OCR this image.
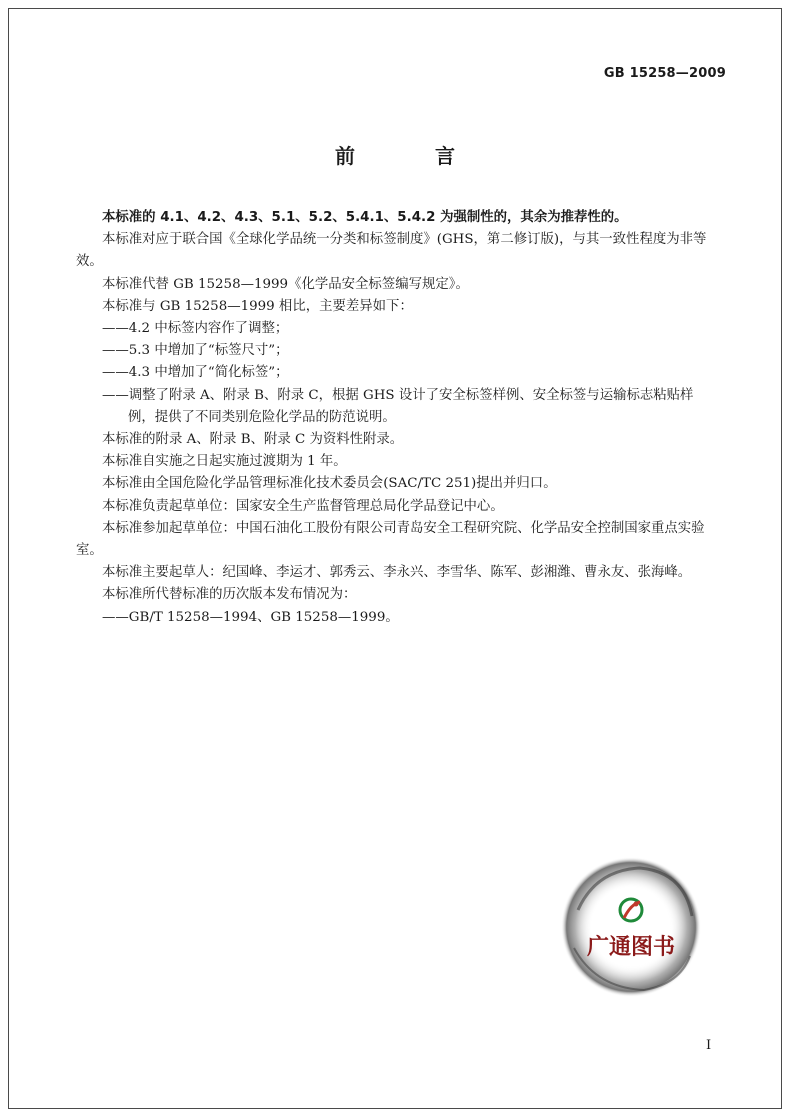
GB 15258—2009
前　言
本标准的 4.1、4.2、4.3、5.1、5.2、5.4.1、5.4.2 为强制性的，其余为推荐性的。
本标准对应于联合国《全球化学品统一分类和标签制度》(GHS，第二修订版)，与其一致性程度为非等效。
本标准代替 GB 15258—1999《化学品安全标签编写规定》。
本标准与 GB 15258—1999 相比，主要差异如下：
——4.2 中标签内容作了调整；
——5.3 中增加了“标签尺寸”；
——4.3 中增加了“简化标签”；
——调整了附录 A、附录 B、附录 C，根据 GHS 设计了安全标签样例、安全标签与运输标志粘贴样
例，提供了不同类别危险化学品的防范说明。
本标准的附录 A、附录 B、附录 C 为资料性附录。
本标准自实施之日起实施过渡期为 1 年。
本标准由全国危险化学品管理标准化技术委员会(SAC/TC 251)提出并归口。
本标准负责起草单位：国家安全生产监督管理总局化学品登记中心。
本标准参加起草单位：中国石油化工股份有限公司青岛安全工程研究院、化学品安全控制国家重点实验室。
本标准主要起草人：纪国峰、李运才、郭秀云、李永兴、李雪华、陈军、彭湘潍、曹永友、张海峰。
本标准所代替标准的历次版本发布情况为：
——GB/T 15258—1994、GB 15258—1999。
广通图书
I
